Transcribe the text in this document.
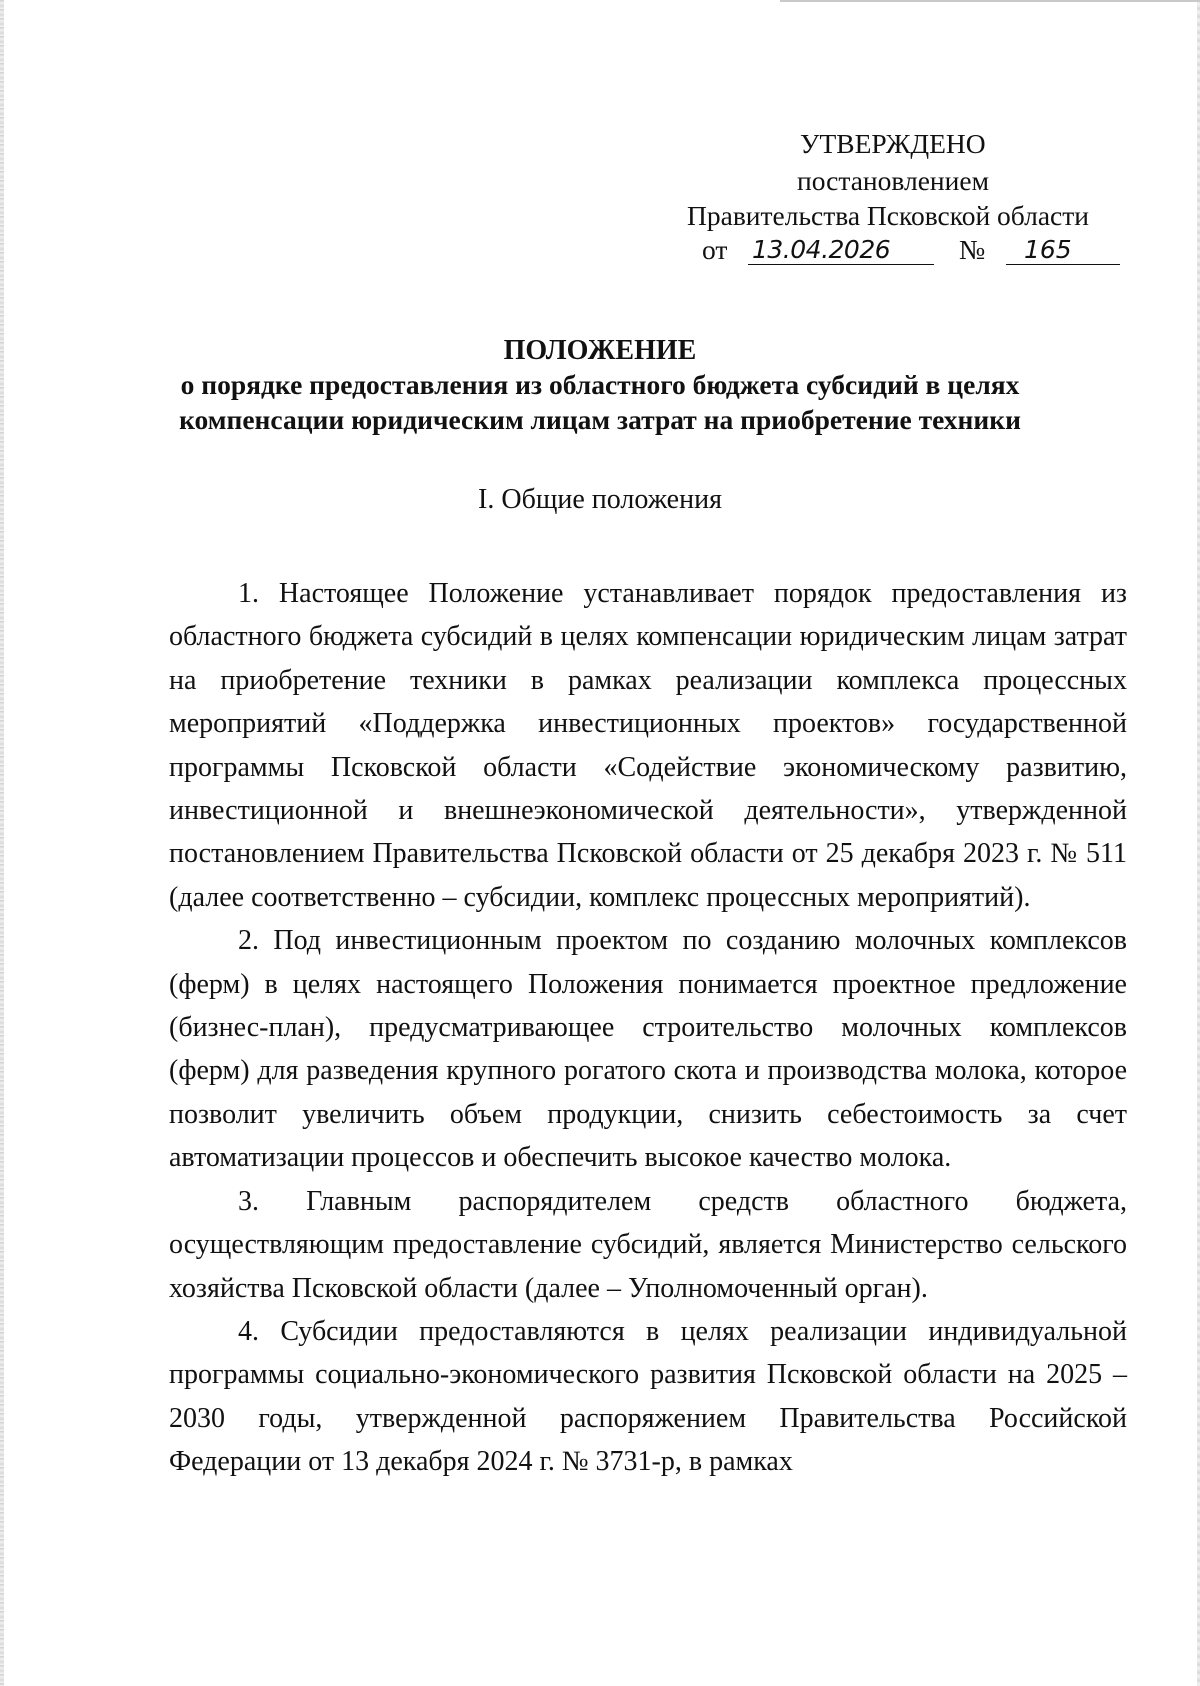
УТВЕРЖДЕНО
постановлением
Правительства Псковской области
от 13.04.2026	№	165
ПОЛОЖЕНИЕ
о порядке предоставления из областного бюджета субсидий в целях
компенсации юридическим лицам затрат на приобретение техники
I. Общие положения

1. Настоящее Положение устанавливает порядок предоставления из областного бюджета субсидий в целях компенсации юридическим лицам затрат на приобретение техники в рамках реализации комплекса процессных мероприятий «Поддержка инвестиционных проектов» государственной программы Псковской области «Содействие экономическому развитию, инвестиционной и внешнеэкономической деятельности», утвержденной постановлением Правительства Псковской области от 25 декабря 2023 г. № 511 (далее соответственно – субсидии, комплекс процессных мероприятий).

2. Под инвестиционным проектом по созданию молочных комплексов (ферм) в целях настоящего Положения понимается проектное предложение (бизнес-план), предусматривающее строительство молочных комплексов (ферм) для разведения крупного рогатого скота и производства молока, которое позволит увеличить объем продукции, снизить себестоимость за счет автоматизации процессов и обеспечить высокое качество молока.

3. Главным распорядителем средств областного бюджета, осуществляющим предоставление субсидий, является Министерство сельского хозяйства Псковской области (далее – Уполномоченный орган).

4. Субсидии предоставляются в целях реализации индивидуальной программы социально-экономического развития Псковской области на 2025 – 2030 годы, утвержденной распоряжением Правительства Российской Федерации от 13 декабря 2024 г. № 3731-р, в рамках
